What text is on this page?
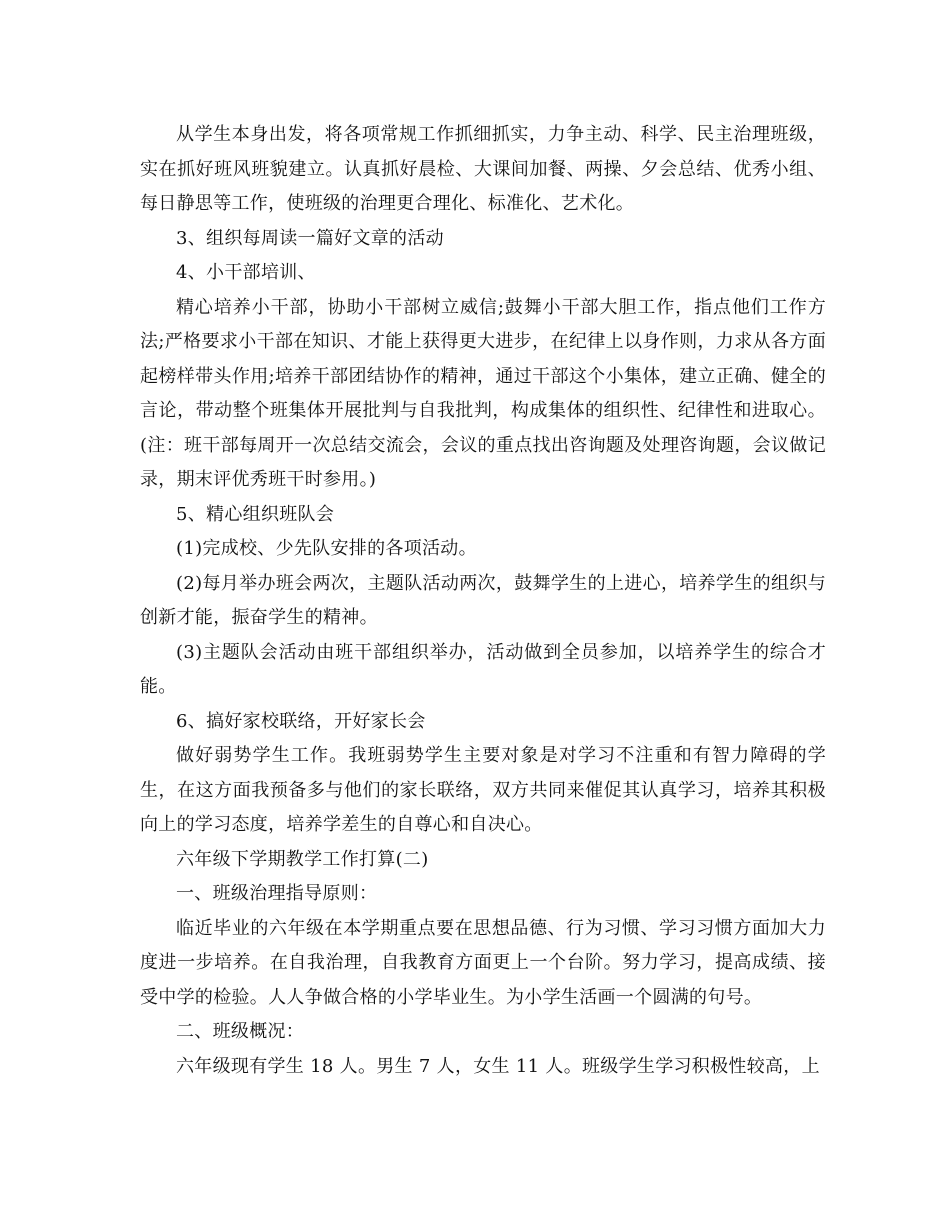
从学生本身出发，将各项常规工作抓细抓实，力争主动、科学、民主治理班级，实在抓好班风班貌建立。认真抓好晨检、大课间加餐、两操、夕会总结、优秀小组、每日静思等工作，使班级的治理更合理化、标准化、艺术化。

3、组织每周读一篇好文章的活动

4、小干部培训、

精心培养小干部，协助小干部树立威信;鼓舞小干部大胆工作，指点他们工作方法;严格要求小干部在知识、才能上获得更大进步，在纪律上以身作则，力求从各方面起榜样带头作用;培养干部团结协作的精神，通过干部这个小集体，建立正确、健全的言论，带动整个班集体开展批判与自我批判，构成集体的组织性、纪律性和进取心。(注：班干部每周开一次总结交流会，会议的重点找出咨询题及处理咨询题，会议做记录，期末评优秀班干时参用。)

5、精心组织班队会

(1)完成校、少先队安排的各项活动。

(2)每月举办班会两次，主题队活动两次，鼓舞学生的上进心，培养学生的组织与创新才能，振奋学生的精神。

(3)主题队会活动由班干部组织举办，活动做到全员参加，以培养学生的综合才能。

6、搞好家校联络，开好家长会

做好弱势学生工作。我班弱势学生主要对象是对学习不注重和有智力障碍的学生，在这方面我预备多与他们的家长联络，双方共同来催促其认真学习，培养其积极向上的学习态度，培养学差生的自尊心和自决心。

六年级下学期教学工作打算(二)

一、班级治理指导原则：

临近毕业的六年级在本学期重点要在思想品德、行为习惯、学习习惯方面加大力度进一步培养。在自我治理，自我教育方面更上一个台阶。努力学习，提高成绩、接受中学的检验。人人争做合格的小学毕业生。为小学生活画一个圆满的句号。

二、班级概况：

六年级现有学生 18 人。男生 7 人，女生 11 人。班级学生学习积极性较高，上
